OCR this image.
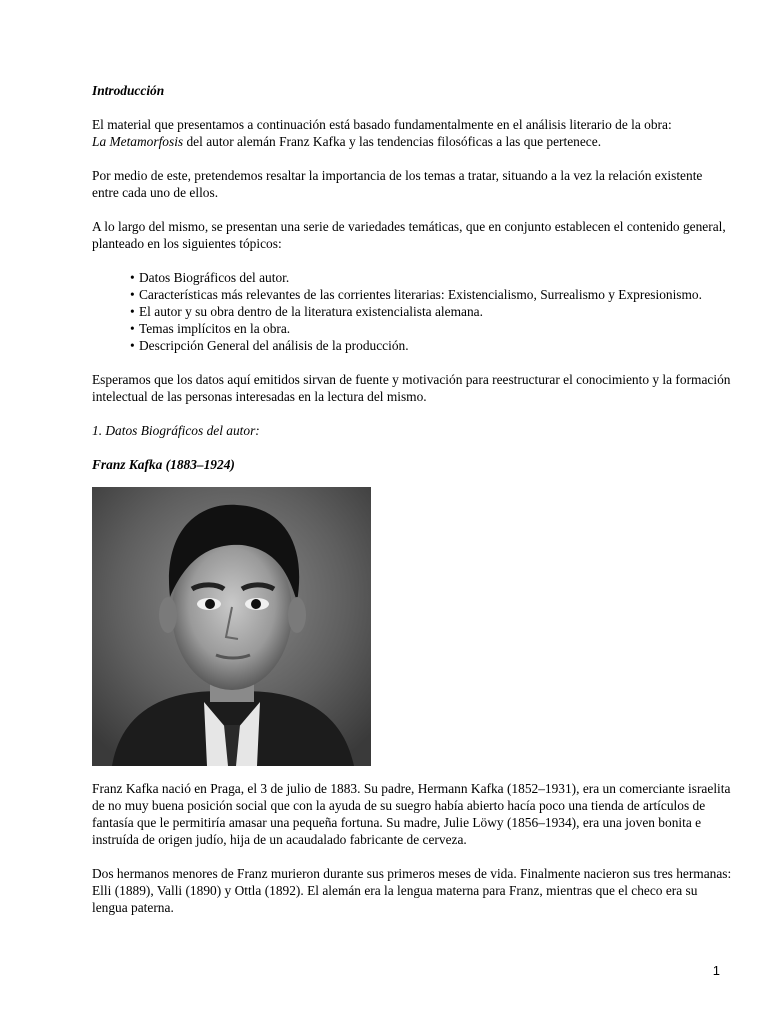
Introducción

El material que presentamos a continuación está basado fundamentalmente en el análisis literario de la obra:
La Metamorfosis del autor alemán Franz Kafka y las tendencias filosóficas a las que pertenece.

Por medio de este, pretendemos resaltar la importancia de los temas a tratar, situando a la vez la relación existente entre cada uno de ellos.

A lo largo del mismo, se presentan una serie de variedades temáticas, que en conjunto establecen el contenido general, planteado en los siguientes tópicos:

• Datos Biográficos del autor.
• Características más relevantes de las corrientes literarias: Existencialismo, Surrealismo y Expresionismo.
• El autor y su obra dentro de la literatura existencialista alemana.
• Temas implícitos en la obra.
• Descripción General del análisis de la producción.

Esperamos que los datos aquí emitidos sirvan de fuente y motivación para reestructurar el conocimiento y la formación intelectual de las personas interesadas en la lectura del mismo.

1. Datos Biográficos del autor:

Franz Kafka (1883–1924)

Franz Kafka nació en Praga, el 3 de julio de 1883. Su padre, Hermann Kafka (1852–1931), era un comerciante israelita de no muy buena posición social que con la ayuda de su suegro había abierto hacía poco una tienda de artículos de fantasía que le permitiría amasar una pequeña fortuna. Su madre, Julie Löwy (1856–1934), era una joven bonita e instruída de origen judío, hija de un acaudalado fabricante de cerveza.

Dos hermanos menores de Franz murieron durante sus primeros meses de vida. Finalmente nacieron sus tres hermanas: Elli (1889), Valli (1890) y Ottla (1892). El alemán era la lengua materna para Franz, mientras que el checo era su lengua paterna.

1
